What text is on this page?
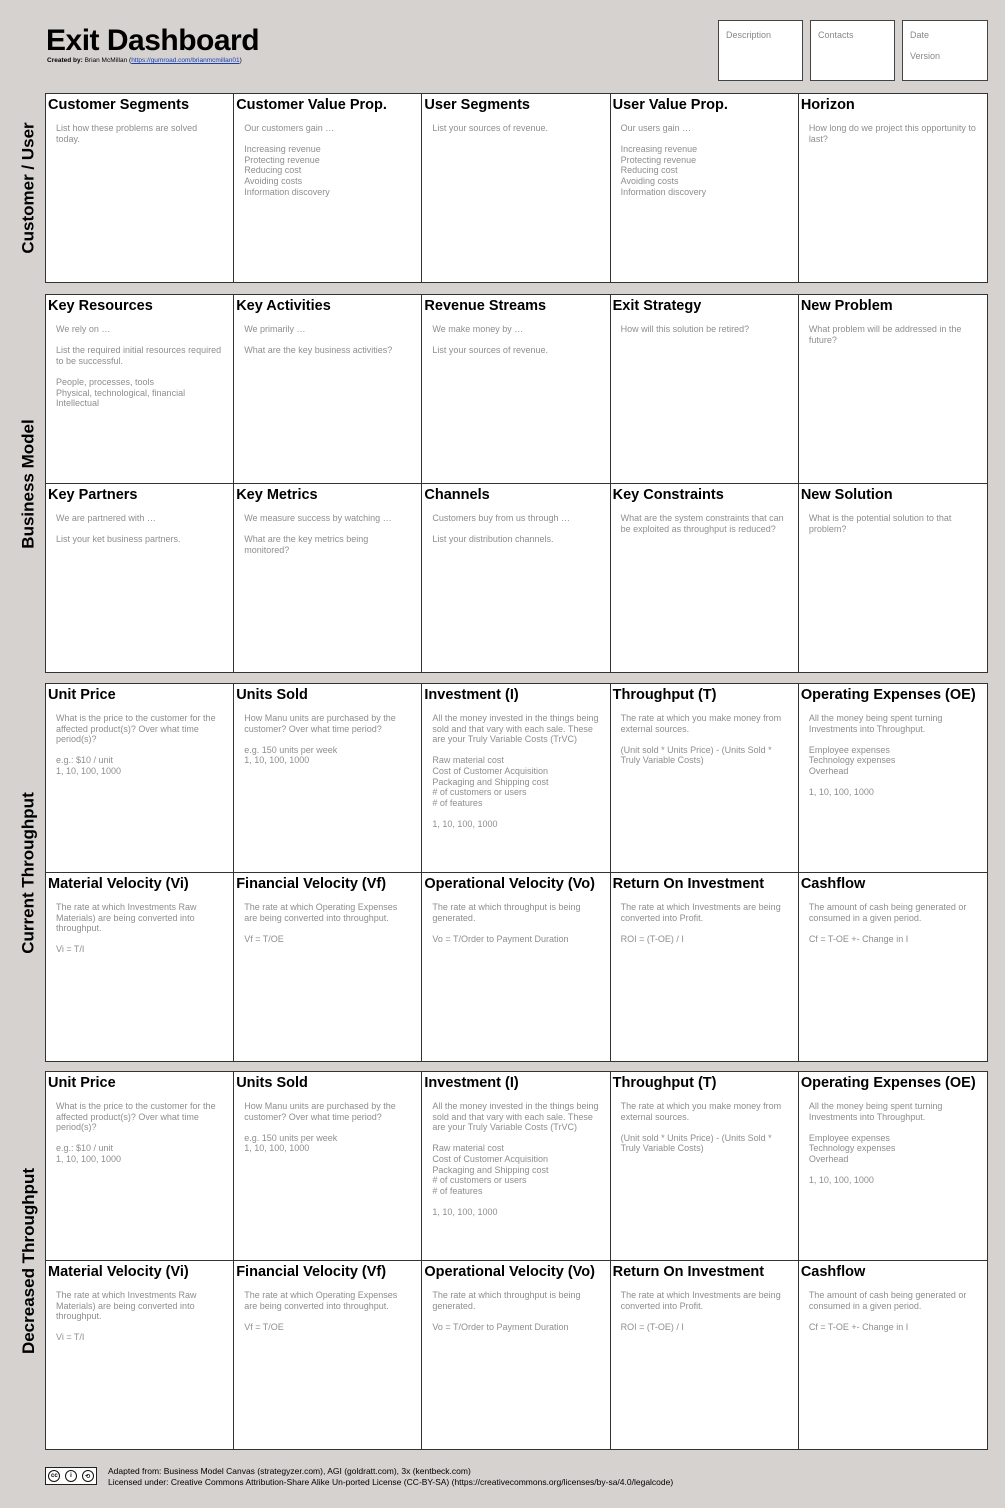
Exit Dashboard
Created by: Brian McMillan (https://gumroad.com/brianmcmillan01)
Description	Contacts	Date
Version
Customer / User
Customer Segments
List how these problems are solved today.
Customer Value Prop.
Our customers gain …

Increasing revenue
Protecting revenue
Reducing cost
Avoiding costs
Information discovery
User Segments
List your sources of revenue.
User Value Prop.
Our users gain …

Increasing revenue
Protecting revenue
Reducing cost
Avoiding costs
Information discovery
Horizon
How long do we project this opportunity to last?
Business Model
Key Resources
We rely on …

List the required initial resources required to be successful.

People, processes, tools
Physical, technological, financial
Intellectual
Key Activities
We primarily …

What are the key business activities?
Revenue Streams
We make money by …

List your sources of revenue.
Exit Strategy
How will this solution be retired?
New Problem
What problem will be addressed in the future?
Key Partners
We are partnered with …

List your ket business partners.
Key Metrics
We measure success by watching …

What are the key metrics being monitored?
Channels
Customers buy from us through …

List your distribution channels.
Key Constraints
What are the system constraints that can be exploited as throughput is reduced?
New Solution
What is the potential solution to that problem?
Current Throughput
Unit Price
What is the price to the customer for the affected product(s)? Over what time period(s)?

e.g.: $10 / unit
1, 10, 100, 1000
Units Sold
How Manu units are purchased by the customer? Over what time period?

e.g. 150 units per week
1, 10, 100, 1000
Investment (I)
All the money invested in the things being sold and that vary with each sale. These are your Truly Variable Costs (TrVC)

Raw material cost
Cost of Customer Acquisition
Packaging and Shipping cost
# of customers or users
# of features

1, 10, 100, 1000
Throughput (T)
The rate at which you make money from external sources.

(Unit sold * Units Price) - (Units Sold * Truly Variable Costs)
Operating Expenses (OE)
All the money being spent turning Investments into Throughput.

Employee expenses
Technology expenses
Overhead

1, 10, 100, 1000
Material Velocity (Vi)
The rate at which Investments Raw Materials) are being converted into throughput.

Vi = T/I
Financial Velocity (Vf)
The rate at which Operating Expenses are being converted into throughput.

Vf = T/OE
Operational Velocity (Vo)
The rate at which throughput is being generated.

Vo = T/Order to Payment Duration
Return On Investment
The rate at which Investments are being converted into Profit.

ROI = (T-OE) / I
Cashflow
The amount of cash being generated or consumed in a given period.

Cf = T-OE +- Change in I
Decreased Throughput
Unit Price
What is the price to the customer for the affected product(s)? Over what time period(s)?

e.g.: $10 / unit
1, 10, 100, 1000
Units Sold
How Manu units are purchased by the customer? Over what time period?

e.g. 150 units per week
1, 10, 100, 1000
Investment (I)
All the money invested in the things being sold and that vary with each sale. These are your Truly Variable Costs (TrVC)

Raw material cost
Cost of Customer Acquisition
Packaging and Shipping cost
# of customers or users
# of features

1, 10, 100, 1000
Throughput (T)
The rate at which you make money from external sources.

(Unit sold * Units Price) - (Units Sold * Truly Variable Costs)
Operating Expenses (OE)
All the money being spent turning Investments into Throughput.

Employee expenses
Technology expenses
Overhead

1, 10, 100, 1000
Material Velocity (Vi)
The rate at which Investments Raw Materials) are being converted into throughput.

Vi = T/I
Financial Velocity (Vf)
The rate at which Operating Expenses are being converted into throughput.

Vf = T/OE
Operational Velocity (Vo)
The rate at which throughput is being generated.

Vo = T/Order to Payment Duration
Return On Investment
The rate at which Investments are being converted into Profit.

ROI = (T-OE) / I
Cashflow
The amount of cash being generated or consumed in a given period.

Cf = T-OE +- Change in I
cc	i	⟲
Adapted from: Business Model Canvas (strategyzer.com), AGI (goldratt.com), 3x (kentbeck.com)
Licensed under: Creative Commons Attribution-Share Alike Un-ported License (CC-BY-SA) (https://creativecommons.org/licenses/by-sa/4.0/legalcode)
